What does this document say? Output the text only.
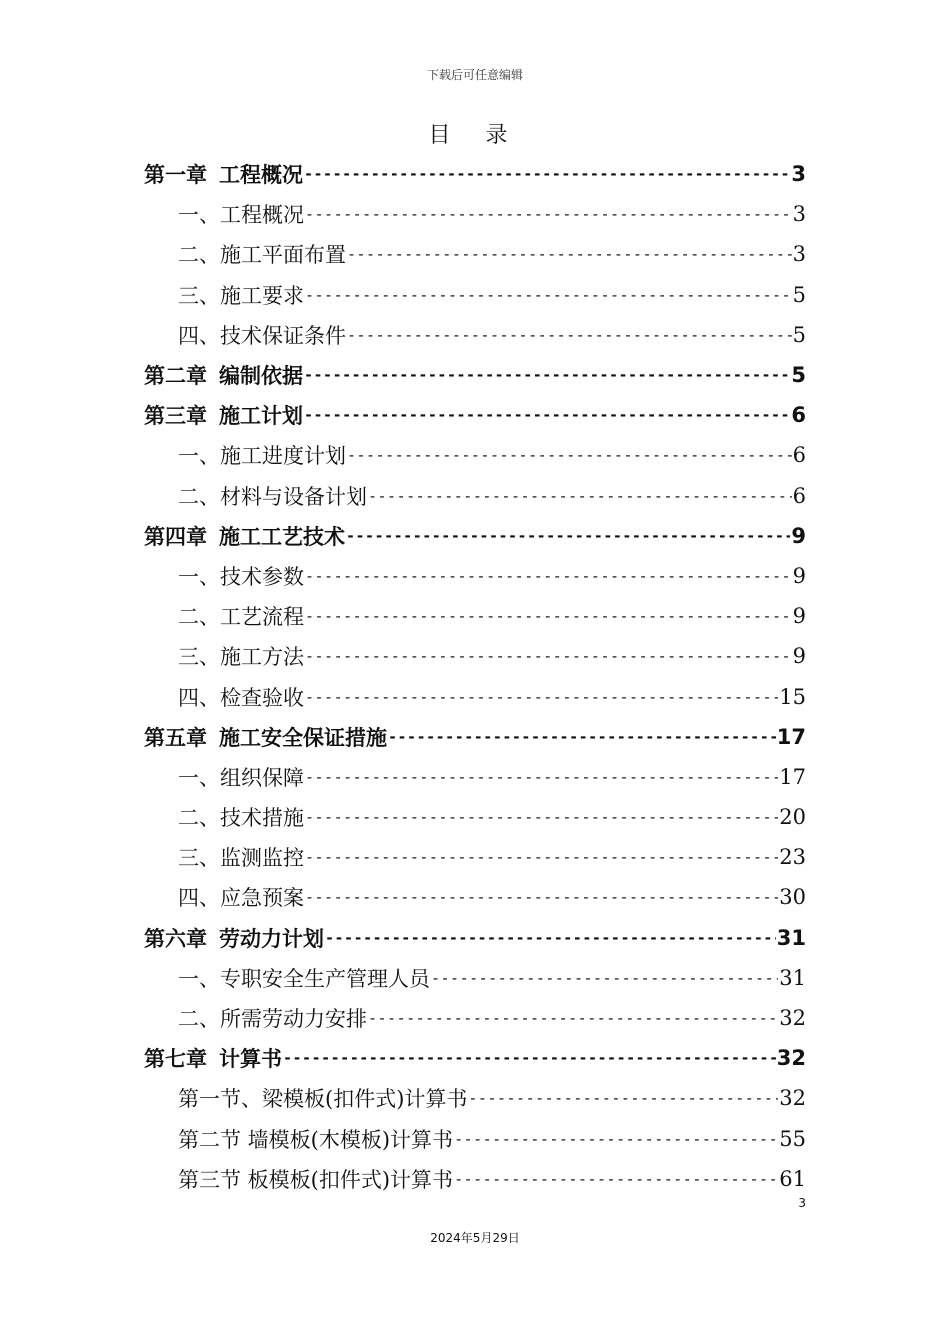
下载后可任意编辑
目 录
第一章 工程概况 -----	3
一、 工程概况 -----	3
二、 施工平面布置 -----	3
三、 施工要求 -----	5
四、 技术保证条件 -----	5
第二章 编制依据 -----	5
第三章 施工计划 -----	6
一、 施工进度计划 -----	6
二、 材料与设备计划 -----	6
第四章 施工工艺技术 -----	9
一、 技术参数 -----	9
二、 工艺流程 -----	9
三、 施工方法 -----	9
四、 检查验收 -----	15
第五章 施工安全保证措施 -----	17
一、 组织保障 -----	17
二、 技术措施 -----	20
三、 监测监控 -----	23
四、 应急预案 -----	30
第六章 劳动力计划 -----	31
一、 专职安全生产管理人员 -----	31
二、 所需劳动力安排 -----	32
第七章 计算书 -----	32
第一节、梁模板(扣件式)计算书 -----	32
第二节 墙模板(木模板)计算书 -----	55
第三节 板模板(扣件式)计算书 -----	61
3
2024年5月29日
